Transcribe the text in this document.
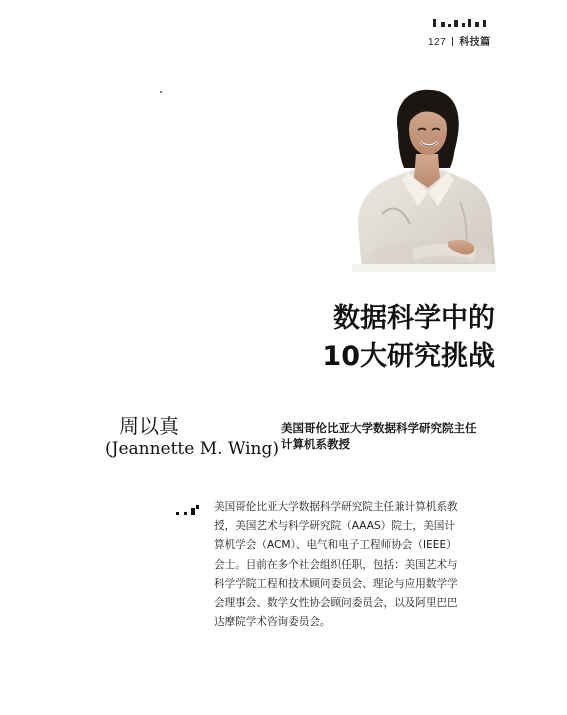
127 科技篇
数据科学中的
10大研究挑战
周以真
(Jeannette M. Wing)
美国哥伦比亚大学数据科学研究院主任
计算机系教授
美国哥伦比亚大学数据科学研究院主任兼计算机系教
授，美国艺术与科学研究院（AAAS）院士，美国计
算机学会（ACM）、电气和电子工程师协会（IEEE）
会士。目前在多个社会组织任职，包括：美国艺术与
科学学院工程和技术顾问委员会、理论与应用数学学
会理事会、数学女性协会顾问委员会，以及阿里巴巴
达摩院学术咨询委员会。
